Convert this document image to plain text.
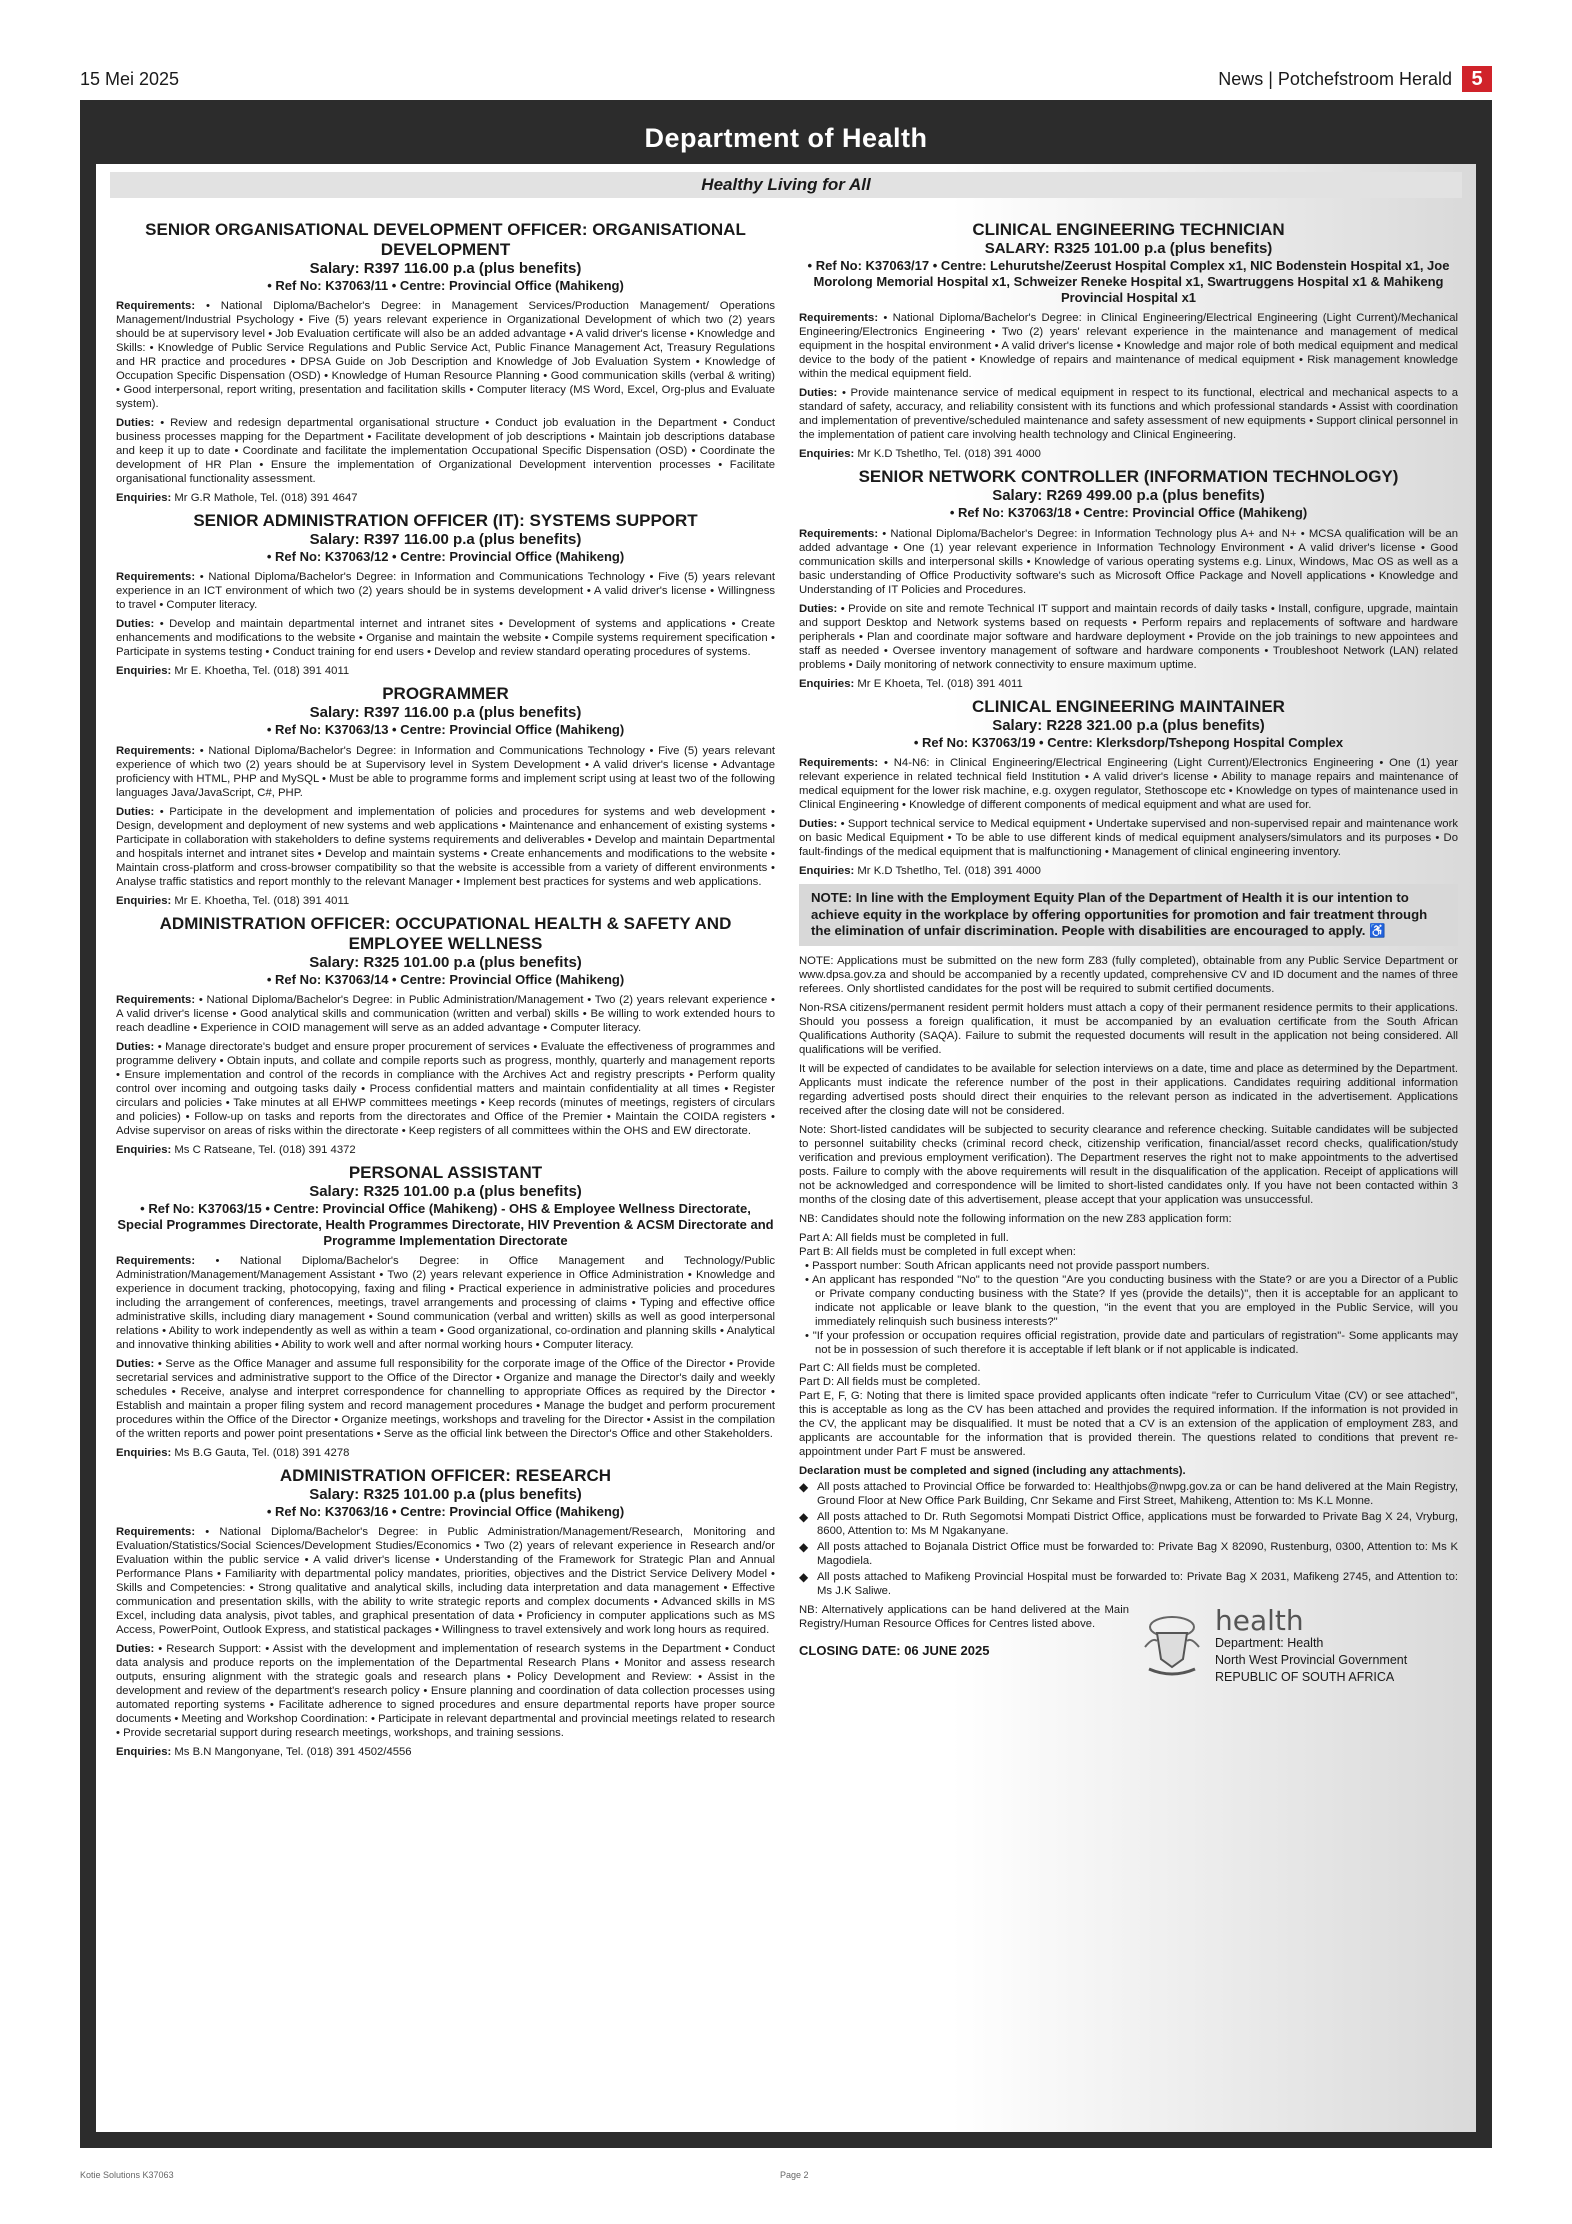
15 Mei 2025	News | Potchefstroom Herald 5
Department of Health
Healthy Living for All
SENIOR ORGANISATIONAL DEVELOPMENT OFFICER: ORGANISATIONAL DEVELOPMENT
Salary: R397 116.00 p.a (plus benefits)
• Ref No: K37063/11 • Centre: Provincial Office (Mahikeng)

Requirements: • National Diploma/Bachelor's Degree: in Management Services/Production Management/ Operations Management/Industrial Psychology • Five (5) years relevant experience in Organizational Development of which two (2) years should be at supervisory level • Job Evaluation certificate will also be an added advantage • A valid driver's license • Knowledge and Skills: • Knowledge of Public Service Regulations and Public Service Act, Public Finance Management Act, Treasury Regulations and HR practice and procedures • DPSA Guide on Job Description and Knowledge of Job Evaluation System • Knowledge of Occupation Specific Dispensation (OSD) • Knowledge of Human Resource Planning • Good communication skills (verbal & writing) • Good interpersonal, report writing, presentation and facilitation skills • Computer literacy (MS Word, Excel, Org-plus and Evaluate system).

Duties: • Review and redesign departmental organisational structure • Conduct job evaluation in the Department • Conduct business processes mapping for the Department • Facilitate development of job descriptions • Maintain job descriptions database and keep it up to date • Coordinate and facilitate the implementation Occupational Specific Dispensation (OSD) • Coordinate the development of HR Plan • Ensure the implementation of Organizational Development intervention processes • Facilitate organisational functionality assessment.

Enquiries: Mr G.R Mathole, Tel. (018) 391 4647

SENIOR ADMINISTRATION OFFICER (IT): SYSTEMS SUPPORT
Salary: R397 116.00 p.a (plus benefits)
• Ref No: K37063/12 • Centre: Provincial Office (Mahikeng)

Requirements: • National Diploma/Bachelor's Degree: in Information and Communications Technology • Five (5) years relevant experience in an ICT environment of which two (2) years should be in systems development • A valid driver's license • Willingness to travel • Computer literacy.

Duties: • Develop and maintain departmental internet and intranet sites • Development of systems and applications • Create enhancements and modifications to the website • Organise and maintain the website • Compile systems requirement specification • Participate in systems testing • Conduct training for end users • Develop and review standard operating procedures of systems.

Enquiries: Mr E. Khoetha, Tel. (018) 391 4011

PROGRAMMER
Salary: R397 116.00 p.a (plus benefits)
• Ref No: K37063/13 • Centre: Provincial Office (Mahikeng)

Requirements: • National Diploma/Bachelor's Degree: in Information and Communications Technology • Five (5) years relevant experience of which two (2) years should be at Supervisory level in System Development • A valid driver's license • Advantage proficiency with HTML, PHP and MySQL • Must be able to programme forms and implement script using at least two of the following languages Java/JavaScript, C#, PHP.

Duties: • Participate in the development and implementation of policies and procedures for systems and web development • Design, development and deployment of new systems and web applications • Maintenance and enhancement of existing systems • Participate in collaboration with stakeholders to define systems requirements and deliverables • Develop and maintain Departmental and hospitals internet and intranet sites • Develop and maintain systems • Create enhancements and modifications to the website • Maintain cross-platform and cross-browser compatibility so that the website is accessible from a variety of different environments • Analyse traffic statistics and report monthly to the relevant Manager • Implement best practices for systems and web applications.

Enquiries: Mr E. Khoetha, Tel. (018) 391 4011

ADMINISTRATION OFFICER: OCCUPATIONAL HEALTH & SAFETY AND EMPLOYEE WELLNESS
Salary: R325 101.00 p.a (plus benefits)
• Ref No: K37063/14 • Centre: Provincial Office (Mahikeng)

Requirements: • National Diploma/Bachelor's Degree: in Public Administration/Management • Two (2) years relevant experience • A valid driver's license • Good analytical skills and communication (written and verbal) skills • Be willing to work extended hours to reach deadline • Experience in COID management will serve as an added advantage • Computer literacy.

Duties: • Manage directorate's budget and ensure proper procurement of services • Evaluate the effectiveness of programmes and programme delivery • Obtain inputs, and collate and compile reports such as progress, monthly, quarterly and management reports • Ensure implementation and control of the records in compliance with the Archives Act and registry prescripts • Perform quality control over incoming and outgoing tasks daily • Process confidential matters and maintain confidentiality at all times • Register circulars and policies • Take minutes at all EHWP committees meetings • Keep records (minutes of meetings, registers of circulars and policies) • Follow-up on tasks and reports from the directorates and Office of the Premier • Maintain the COIDA registers • Advise supervisor on areas of risks within the directorate • Keep registers of all committees within the OHS and EW directorate.

Enquiries: Ms C Ratseane, Tel. (018) 391 4372

PERSONAL ASSISTANT
Salary: R325 101.00 p.a (plus benefits)
• Ref No: K37063/15 • Centre: Provincial Office (Mahikeng) - OHS & Employee Wellness Directorate, Special Programmes Directorate, Health Programmes Directorate, HIV Prevention & ACSM Directorate and Programme Implementation Directorate

Requirements: • National Diploma/Bachelor's Degree: in Office Management and Technology/Public Administration/Management/Management Assistant • Two (2) years relevant experience in Office Administration • Knowledge and experience in document tracking, photocopying, faxing and filing • Practical experience in administrative policies and procedures including the arrangement of conferences, meetings, travel arrangements and processing of claims • Typing and effective office administrative skills, including diary management • Sound communication (verbal and written) skills as well as good interpersonal relations • Ability to work independently as well as within a team • Good organizational, co-ordination and planning skills • Analytical and innovative thinking abilities • Ability to work well and after normal working hours • Computer literacy.

Duties: • Serve as the Office Manager and assume full responsibility for the corporate image of the Office of the Director • Provide secretarial services and administrative support to the Office of the Director • Organize and manage the Director's daily and weekly schedules • Receive, analyse and interpret correspondence for channelling to appropriate Offices as required by the Director • Establish and maintain a proper filing system and record management procedures • Manage the budget and perform procurement procedures within the Office of the Director • Organize meetings, workshops and traveling for the Director • Assist in the compilation of the written reports and power point presentations • Serve as the official link between the Director's Office and other Stakeholders.

Enquiries: Ms B.G Gauta, Tel. (018) 391 4278

ADMINISTRATION OFFICER: RESEARCH
Salary: R325 101.00 p.a (plus benefits)
• Ref No: K37063/16 • Centre: Provincial Office (Mahikeng)

Requirements: • National Diploma/Bachelor's Degree: in Public Administration/Management/Research, Monitoring and Evaluation/Statistics/Social Sciences/Development Studies/Economics • Two (2) years of relevant experience in Research and/or Evaluation within the public service • A valid driver's license • Understanding of the Framework for Strategic Plan and Annual Performance Plans • Familiarity with departmental policy mandates, priorities, objectives and the District Service Delivery Model • Skills and Competencies: • Strong qualitative and analytical skills, including data interpretation and data management • Effective communication and presentation skills, with the ability to write strategic reports and complex documents • Advanced skills in MS Excel, including data analysis, pivot tables, and graphical presentation of data • Proficiency in computer applications such as MS Access, PowerPoint, Outlook Express, and statistical packages • Willingness to travel extensively and work long hours as required.

Duties: • Research Support: • Assist with the development and implementation of research systems in the Department • Conduct data analysis and produce reports on the implementation of the Departmental Research Plans • Monitor and assess research outputs, ensuring alignment with the strategic goals and research plans • Policy Development and Review: • Assist in the development and review of the department's research policy • Ensure planning and coordination of data collection processes using automated reporting systems • Facilitate adherence to signed procedures and ensure departmental reports have proper source documents • Meeting and Workshop Coordination: • Participate in relevant departmental and provincial meetings related to research • Provide secretarial support during research meetings, workshops, and training sessions.

Enquiries: Ms B.N Mangonyane, Tel. (018) 391 4502/4556

CLINICAL ENGINEERING TECHNICIAN
SALARY: R325 101.00 p.a (plus benefits)
• Ref No: K37063/17 • Centre: Lehurutshe/Zeerust Hospital Complex x1, NIC Bodenstein Hospital x1, Joe Morolong Memorial Hospital x1, Schweizer Reneke Hospital x1, Swartruggens Hospital x1 & Mahikeng Provincial Hospital x1

Requirements: • National Diploma/Bachelor's Degree: in Clinical Engineering/Electrical Engineering (Light Current)/Mechanical Engineering/Electronics Engineering • Two (2) years' relevant experience in the maintenance and management of medical equipment in the hospital environment • A valid driver's license • Knowledge and major role of both medical equipment and medical device to the body of the patient • Knowledge of repairs and maintenance of medical equipment • Risk management knowledge within the medical equipment field.

Duties: • Provide maintenance service of medical equipment in respect to its functional, electrical and mechanical aspects to a standard of safety, accuracy, and reliability consistent with its functions and which professional standards • Assist with coordination and implementation of preventive/scheduled maintenance and safety assessment of new equipments • Support clinical personnel in the implementation of patient care involving health technology and Clinical Engineering.

Enquiries: Mr K.D Tshetlho, Tel. (018) 391 4000

SENIOR NETWORK CONTROLLER (INFORMATION TECHNOLOGY)
Salary: R269 499.00 p.a (plus benefits)
• Ref No: K37063/18 • Centre: Provincial Office (Mahikeng)

Requirements: • National Diploma/Bachelor's Degree: in Information Technology plus A+ and N+ • MCSA qualification will be an added advantage • One (1) year relevant experience in Information Technology Environment • A valid driver's license • Good communication skills and interpersonal skills • Knowledge of various operating systems e.g. Linux, Windows, Mac OS as well as a basic understanding of Office Productivity software's such as Microsoft Office Package and Novell applications • Knowledge and Understanding of IT Policies and Procedures.

Duties: • Provide on site and remote Technical IT support and maintain records of daily tasks • Install, configure, upgrade, maintain and support Desktop and Network systems based on requests • Perform repairs and replacements of software and hardware peripherals • Plan and coordinate major software and hardware deployment • Provide on the job trainings to new appointees and staff as needed • Oversee inventory management of software and hardware components • Troubleshoot Network (LAN) related problems • Daily monitoring of network connectivity to ensure maximum uptime.

Enquiries: Mr E Khoeta, Tel. (018) 391 4011

CLINICAL ENGINEERING MAINTAINER
Salary: R228 321.00 p.a (plus benefits)
• Ref No: K37063/19 • Centre: Klerksdorp/Tshepong Hospital Complex

Requirements: • N4-N6: in Clinical Engineering/Electrical Engineering (Light Current)/Electronics Engineering • One (1) year relevant experience in related technical field Institution • A valid driver's license • Ability to manage repairs and maintenance of medical equipment for the lower risk machine, e.g. oxygen regulator, Stethoscope etc • Knowledge on types of maintenance used in Clinical Engineering • Knowledge of different components of medical equipment and what are used for.

Duties: • Support technical service to Medical equipment • Undertake supervised and non-supervised repair and maintenance work on basic Medical Equipment • To be able to use different kinds of medical equipment analysers/simulators and its purposes • Do fault-findings of the medical equipment that is malfunctioning • Management of clinical engineering inventory.

Enquiries: Mr K.D Tshetlho, Tel. (018) 391 4000

NOTE: In line with the Employment Equity Plan of the Department of Health it is our intention to achieve equity in the workplace by offering opportunities for promotion and fair treatment through the elimination of unfair discrimination. People with disabilities are encouraged to apply. ♿

NOTE: Applications must be submitted on the new form Z83 (fully completed), obtainable from any Public Service Department or www.dpsa.gov.za and should be accompanied by a recently updated, comprehensive CV and ID document and the names of three referees. Only shortlisted candidates for the post will be required to submit certified documents.

Non-RSA citizens/permanent resident permit holders must attach a copy of their permanent residence permits to their applications. Should you possess a foreign qualification, it must be accompanied by an evaluation certificate from the South African Qualifications Authority (SAQA). Failure to submit the requested documents will result in the application not being considered. All qualifications will be verified.

It will be expected of candidates to be available for selection interviews on a date, time and place as determined by the Department. Applicants must indicate the reference number of the post in their applications. Candidates requiring additional information regarding advertised posts should direct their enquiries to the relevant person as indicated in the advertisement. Applications received after the closing date will not be considered.

Note: Short-listed candidates will be subjected to security clearance and reference checking. Suitable candidates will be subjected to personnel suitability checks (criminal record check, citizenship verification, financial/asset record checks, qualification/study verification and previous employment verification). The Department reserves the right not to make appointments to the advertised posts. Failure to comply with the above requirements will result in the disqualification of the application. Receipt of applications will not be acknowledged and correspondence will be limited to short-listed candidates only. If you have not been contacted within 3 months of the closing date of this advertisement, please accept that your application was unsuccessful.

NB: Candidates should note the following information on the new Z83 application form:

Part A: All fields must be completed in full.
Part B: All fields must be completed in full except when:
• Passport number: South African applicants need not provide passport numbers.
• An applicant has responded "No" to the question "Are you conducting business with the State? or are you a Director of a Public or Private company conducting business with the State? If yes (provide the details)", then it is acceptable for an applicant to indicate not applicable or leave blank to the question, "in the event that you are employed in the Public Service, will you immediately relinquish such business interests?"
• "If your profession or occupation requires official registration, provide date and particulars of registration"- Some applicants may not be in possession of such therefore it is acceptable if left blank or if not applicable is indicated.
Part C: All fields must be completed.
Part D: All fields must be completed.

Part E, F, G: Noting that there is limited space provided applicants often indicate "refer to Curriculum Vitae (CV) or see attached", this is acceptable as long as the CV has been attached and provides the required information. If the information is not provided in the CV, the applicant may be disqualified. It must be noted that a CV is an extension of the application of employment Z83, and applicants are accountable for the information that is provided therein. The questions related to conditions that prevent re-appointment under Part F must be answered.

Declaration must be completed and signed (including any attachments).
◆ All posts attached to Provincial Office be forwarded to: Healthjobs@nwpg.gov.za or can be hand delivered at the Main Registry, Ground Floor at New Office Park Building, Cnr Sekame and First Street, Mahikeng, Attention to: Ms K.L Monne.
◆ All posts attached to Dr. Ruth Segomotsi Mompati District Office, applications must be forwarded to Private Bag X 24, Vryburg, 8600, Attention to: Ms M Ngakanyane.
◆ All posts attached to Bojanala District Office must be forwarded to: Private Bag X 82090, Rustenburg, 0300, Attention to: Ms K Magodiela.
◆ All posts attached to Mafikeng Provincial Hospital must be forwarded to: Private Bag X 2031, Mafikeng 2745, and Attention to: Ms J.K Saliwe.

NB: Alternatively applications can be hand delivered at the Main Registry/Human Resource Offices for Centres listed above.

CLOSING DATE: 06 JUNE 2025
health
Department: Health
North West Provincial Government
REPUBLIC OF SOUTH AFRICA
Kotie Solutions K37063	Page 2
